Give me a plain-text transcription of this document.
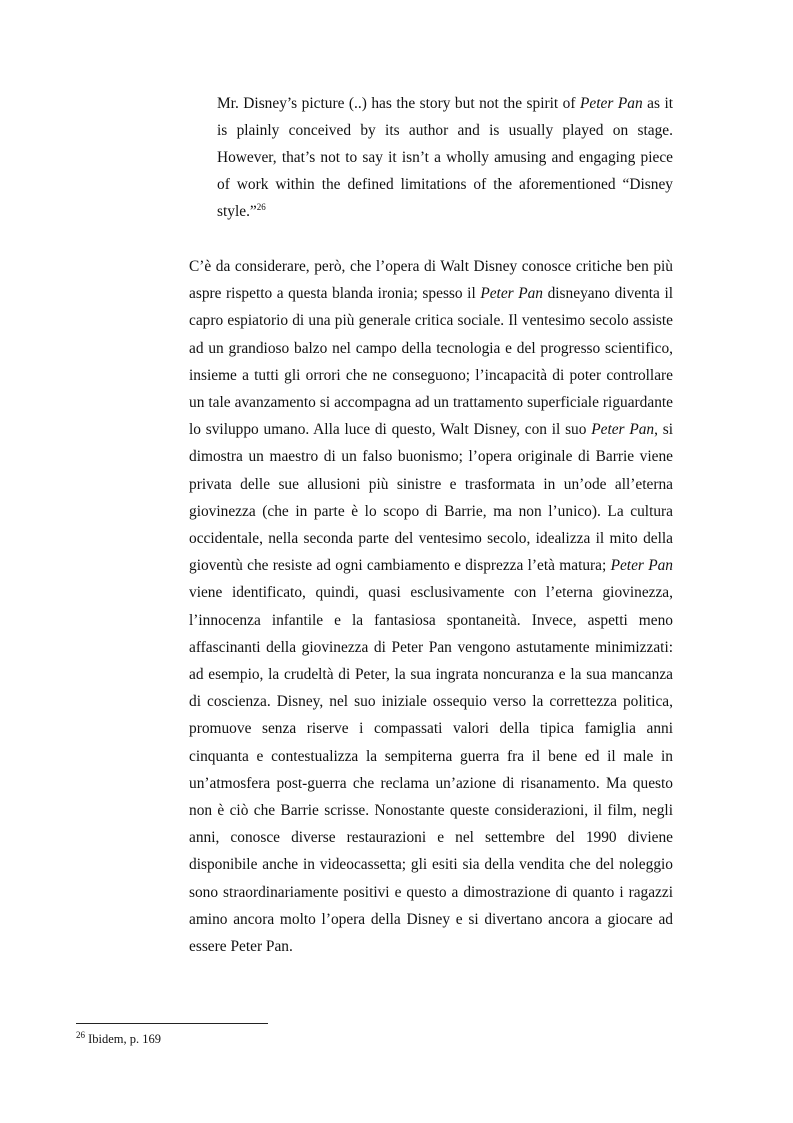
Mr. Disney’s picture (..) has the story but not the spirit of Peter Pan as it is plainly conceived by its author and is usually played on stage. However, that’s not to say it isn’t a wholly amusing and engaging piece of work within the defined limitations of the aforementioned “Disney style.”$^{26}$
C’è da considerare, però, che l’opera di Walt Disney conosce critiche ben più aspre rispetto a questa blanda ironia; spesso il Peter Pan disneyano diventa il capro espiatorio di una più generale critica sociale. Il ventesimo secolo assiste ad un grandioso balzo nel campo della tecnologia e del progresso scientifico, insieme a tutti gli orrori che ne conseguono; l’incapacità di poter controllare un tale avanzamento si accompagna ad un trattamento superficiale riguardante lo sviluppo umano. Alla luce di questo, Walt Disney, con il suo Peter Pan, si dimostra un maestro di un falso buonismo; l’opera originale di Barrie viene privata delle sue allusioni più sinistre e trasformata in un’ode all’eterna giovinezza (che in parte è lo scopo di Barrie, ma non l’unico). La cultura occidentale, nella seconda parte del ventesimo secolo, idealizza il mito della gioventù che resiste ad ogni cambiamento e disprezza l’età matura; Peter Pan viene identificato, quindi, quasi esclusivamente con l’eterna giovinezza, l’innocenza infantile e la fantasiosa spontaneità. Invece, aspetti meno affascinanti della giovinezza di Peter Pan vengono astutamente minimizzati: ad esempio, la crudeltà di Peter, la sua ingrata noncuranza e la sua mancanza di coscienza. Disney, nel suo iniziale ossequio verso la correttezza politica, promuove senza riserve i compassati valori della tipica famiglia anni cinquanta e contestualizza la sempiterna guerra fra il bene ed il male in un’atmosfera post-guerra che reclama un’azione di risanamento. Ma questo non è ciò che Barrie scrisse. Nonostante queste considerazioni, il film, negli anni, conosce diverse restaurazioni e nel settembre del 1990 diviene disponibile anche in videocassetta; gli esiti sia della vendita che del noleggio sono straordinariamente positivi e questo a dimostrazione di quanto i ragazzi amino ancora molto l’opera della Disney e si divertano ancora a giocare ad essere Peter Pan.
$^{26}$ Ibidem, p. 169
